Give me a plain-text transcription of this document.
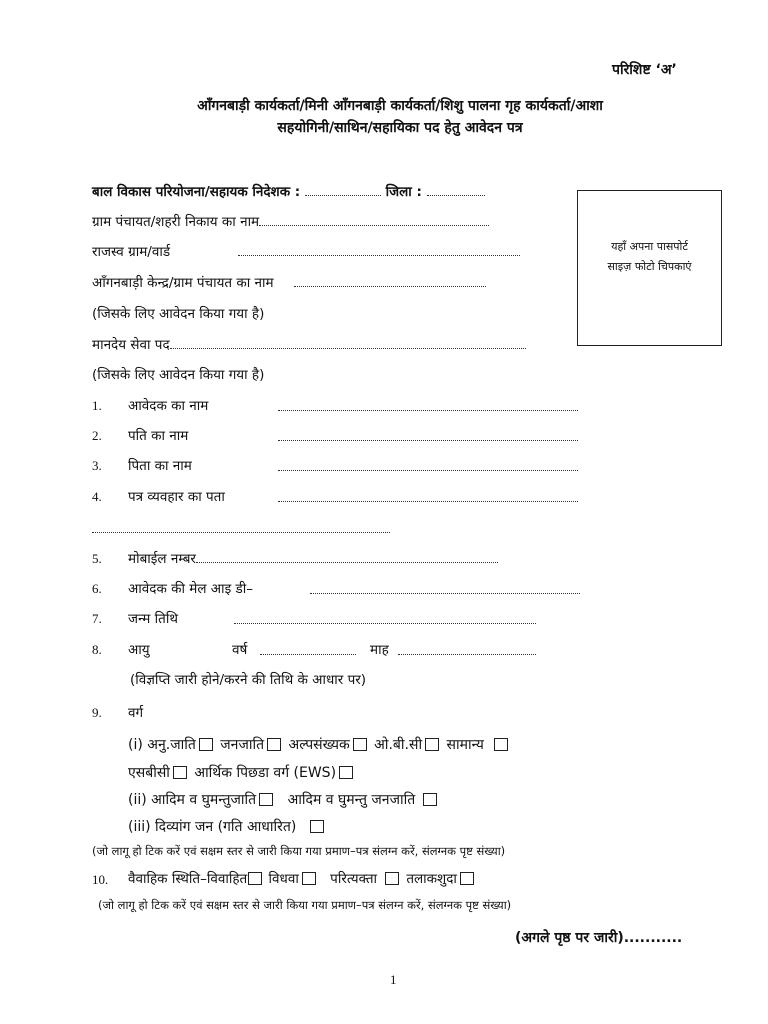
परिशिष्ट ‘अ’
आँगनबाड़ी कार्यकर्ता/मिनी आँगनबाड़ी कार्यकर्ता/शिशु पालना गृह कार्यकर्ता/आशा
सहयोगिनी/साथिन/सहायिका पद हेतु आवेदन पत्र
बाल विकास परियोजना/सहायक निदेशक :	जिला :
यहाँ अपना पासपोर्ट
साइज़ फोटो चिपकाएं
ग्राम पंचायत/शहरी निकाय का नाम
राजस्व ग्राम/वार्ड
आँगनबाड़ी केन्द्र/ग्राम पंचायत का नाम
(जिसके लिए आवेदन किया गया है)
मानदेय सेवा पद
(जिसके लिए आवेदन किया गया है)
1. आवेदक का नाम
2. पति का नाम
3. पिता का नाम
4. पत्र व्यवहार का पता
5. मोबाईल नम्बर
6. आवेदक की मेल आइ डी–
7. जन्म तिथि
8. आयु	वर्ष	माह
(विज्ञप्ति जारी होने/करने की तिथि के आधार पर)
9. वर्ग
(i) अनु.जाति जनजाति अल्पसंख्यक ओ.बी.सी सामान्य
एसबीसी आर्थिक पिछडा वर्ग (EWS)
(ii) आदिम व घुमन्तुजाति आदिम व घुमन्तु जनजाति
(iii) दिव्यांग जन (गति आधारित)
(जो लागू हो टिक करें एवं सक्षम स्तर से जारी किया गया प्रमाण–पत्र संलग्न करें, संलग्नक पृष्ट संख्या)
10. वैवाहिक स्थिति–विवाहित विधवा परित्यक्ता तलाकशुदा
(जो लागू हो टिक करें एवं सक्षम स्तर से जारी किया गया प्रमाण–पत्र संलग्न करें, संलग्नक पृष्ट संख्या)
(अगले पृष्ठ पर जारी)...........
1
